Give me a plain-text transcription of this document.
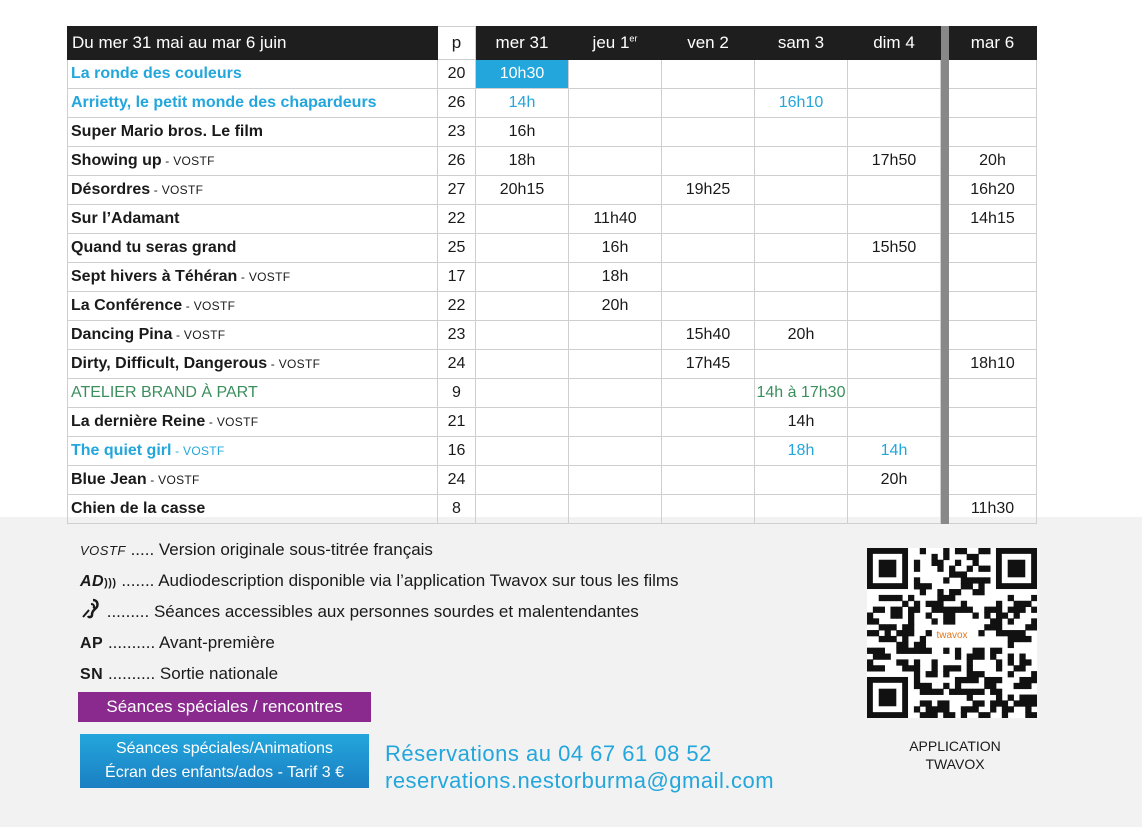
Du mer 31 mai au mar 6 juin	p	mer 31	jeu 1er	ven 2	sam 3	dim 4		mar 6
La ronde des couleurs	20	10h30						
Arrietty, le petit monde des chapardeurs	26	14h			16h10			
Super Mario bros. Le film	23	16h						
Showing up - VOSTF	26	18h				17h50		20h
Désordres - VOSTF	27	20h15		19h25				16h20
Sur l’Adamant	22		11h40					14h15
Quand tu seras grand	25		16h			15h50		
Sept hivers à Téhéran - VOSTF	17		18h					
La Conférence - VOSTF	22		20h					
Dancing Pina - VOSTF	23			15h40	20h			
Dirty, Difficult, Dangerous - VOSTF	24			17h45				18h10
ATELIER BRAND À PART	9				14h à 17h30			
La dernière Reine - VOSTF	21				14h			
The quiet girl - VOSTF	16				18h	14h		
Blue Jean - VOSTF	24					20h		
Chien de la casse	8							11h30
VOSTF ..... Version originale sous-titrée français
AD))) ....... Audiodescription disponible via l’application Twavox sur tous les films
......... Séances accessibles aux personnes sourdes et malentendantes
AP .......... Avant-première
SN .......... Sortie nationale
Séances spéciales / rencontres
Séances spéciales/Animations
Écran des enfants/ados - Tarif 3 €
Réservations au 04 67 61 08 52
reservations.nestorburma@gmail.com
twavox
APPLICATION
TWAVOX
